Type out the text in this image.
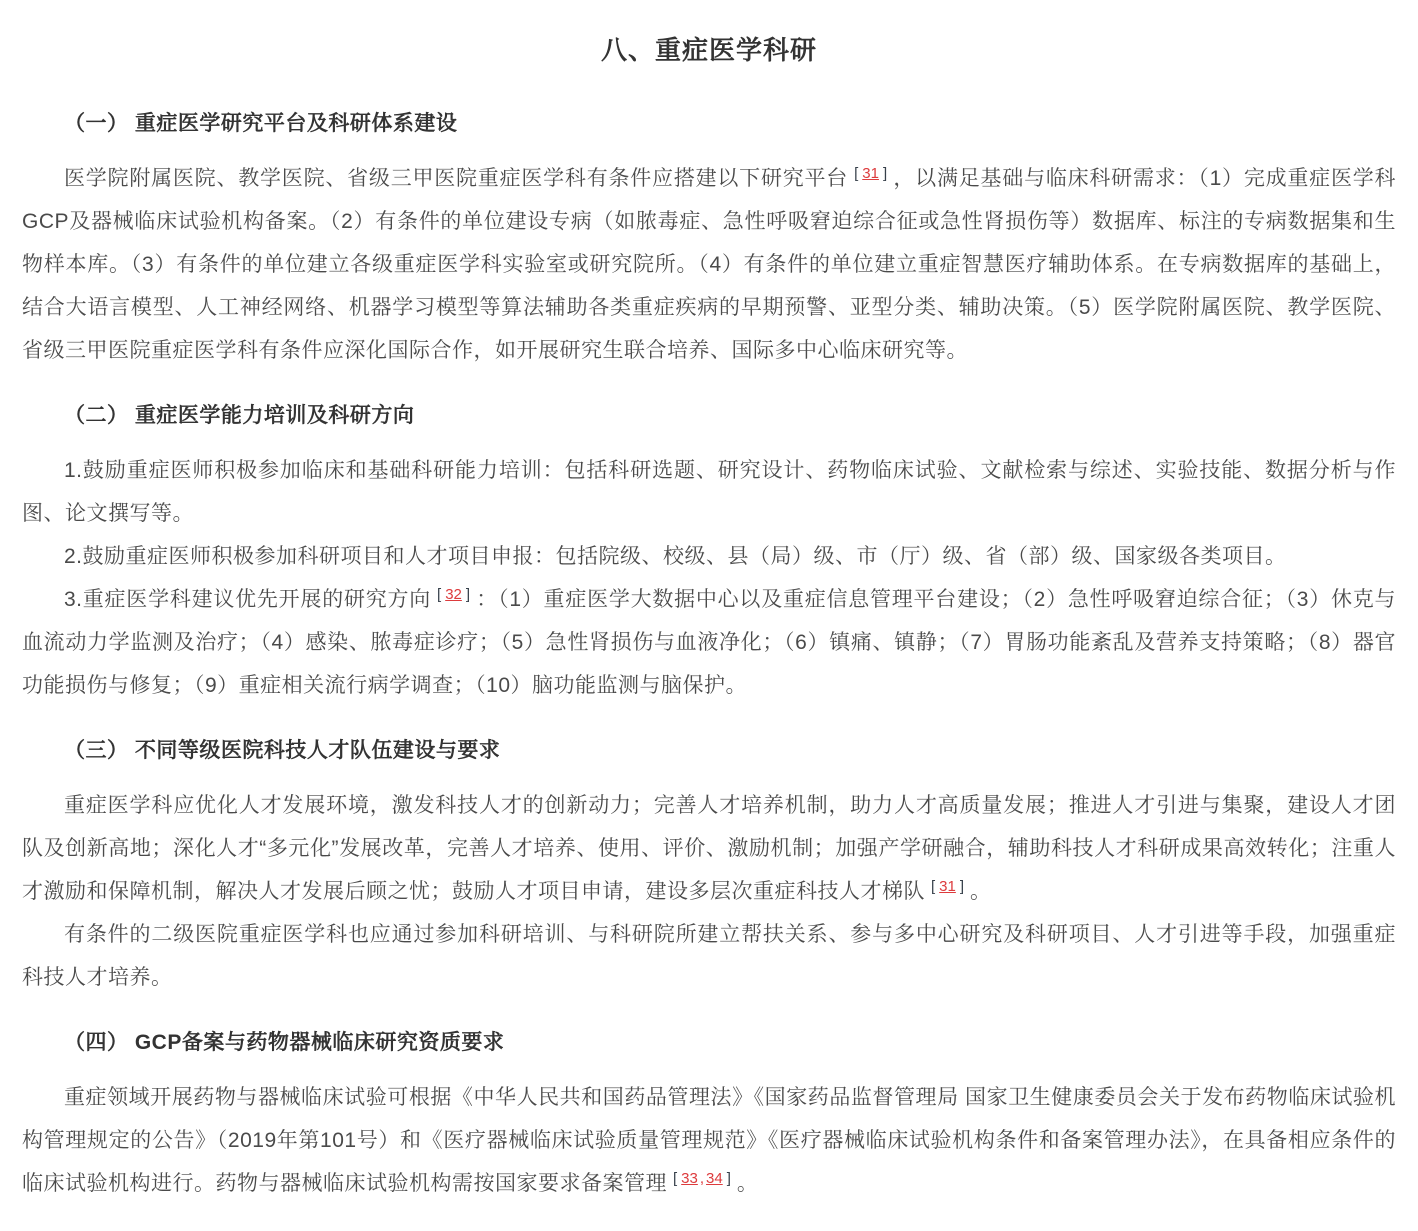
八、重症医学科研
（一） 重症医学研究平台及科研体系建设

医学院附属医院、教学医院、省级三甲医院重症医学科有条件应搭建以下研究平台 [ 31 ] ，以满足基础与临床科研需求：（1）完成重症医学科GCP及器械临床试验机构备案。（2）有条件的单位建设专病（如脓毒症、急性呼吸窘迫综合征或急性肾损伤等）数据库、标注的专病数据集和生物样本库。（3）有条件的单位建立各级重症医学科实验室或研究院所。（4）有条件的单位建立重症智慧医疗辅助体系。在专病数据库的基础上，结合大语言模型、人工神经网络、机器学习模型等算法辅助各类重症疾病的早期预警、亚型分类、辅助决策。（5）医学院附属医院、教学医院、省级三甲医院重症医学科有条件应深化国际合作，如开展研究生联合培养、国际多中心临床研究等。

（二） 重症医学能力培训及科研方向

1.鼓励重症医师积极参加临床和基础科研能力培训：包括科研选题、研究设计、药物临床试验、文献检索与综述、实验技能、数据分析与作图、论文撰写等。

2.鼓励重症医师积极参加科研项目和人才项目申报：包括院级、校级、县（局）级、市（厅）级、省（部）级、国家级各类项目。

3.重症医学科建议优先开展的研究方向 [ 32 ] ：（1）重症医学大数据中心以及重症信息管理平台建设；（2）急性呼吸窘迫综合征；（3）休克与血流动力学监测及治疗；（4）感染、脓毒症诊疗；（5）急性肾损伤与血液净化；（6）镇痛、镇静；（7）胃肠功能紊乱及营养支持策略；（8）器官功能损伤与修复；（9）重症相关流行病学调查；（10）脑功能监测与脑保护。

（三） 不同等级医院科技人才队伍建设与要求

重症医学科应优化人才发展环境，激发科技人才的创新动力；完善人才培养机制，助力人才高质量发展；推进人才引进与集聚，建设人才团队及创新高地；深化人才“多元化”发展改革，完善人才培养、使用、评价、激励机制；加强产学研融合，辅助科技人才科研成果高效转化；注重人才激励和保障机制，解决人才发展后顾之忧；鼓励人才项目申请，建设多层次重症科技人才梯队 [ 31 ] 。

有条件的二级医院重症医学科也应通过参加科研培训、与科研院所建立帮扶关系、参与多中心研究及科研项目、人才引进等手段，加强重症科技人才培养。

（四） GCP备案与药物器械临床研究资质要求

重症领域开展药物与器械临床试验可根据《中华人民共和国药品管理法》《国家药品监督管理局 国家卫生健康委员会关于发布药物临床试验机构管理规定的公告》（2019年第101号）和《医疗器械临床试验质量管理规范》《医疗器械临床试验机构条件和备案管理办法》，在具备相应条件的临床试验机构进行。药物与器械临床试验机构需按国家要求备案管理 [ 33 , 34 ] 。
